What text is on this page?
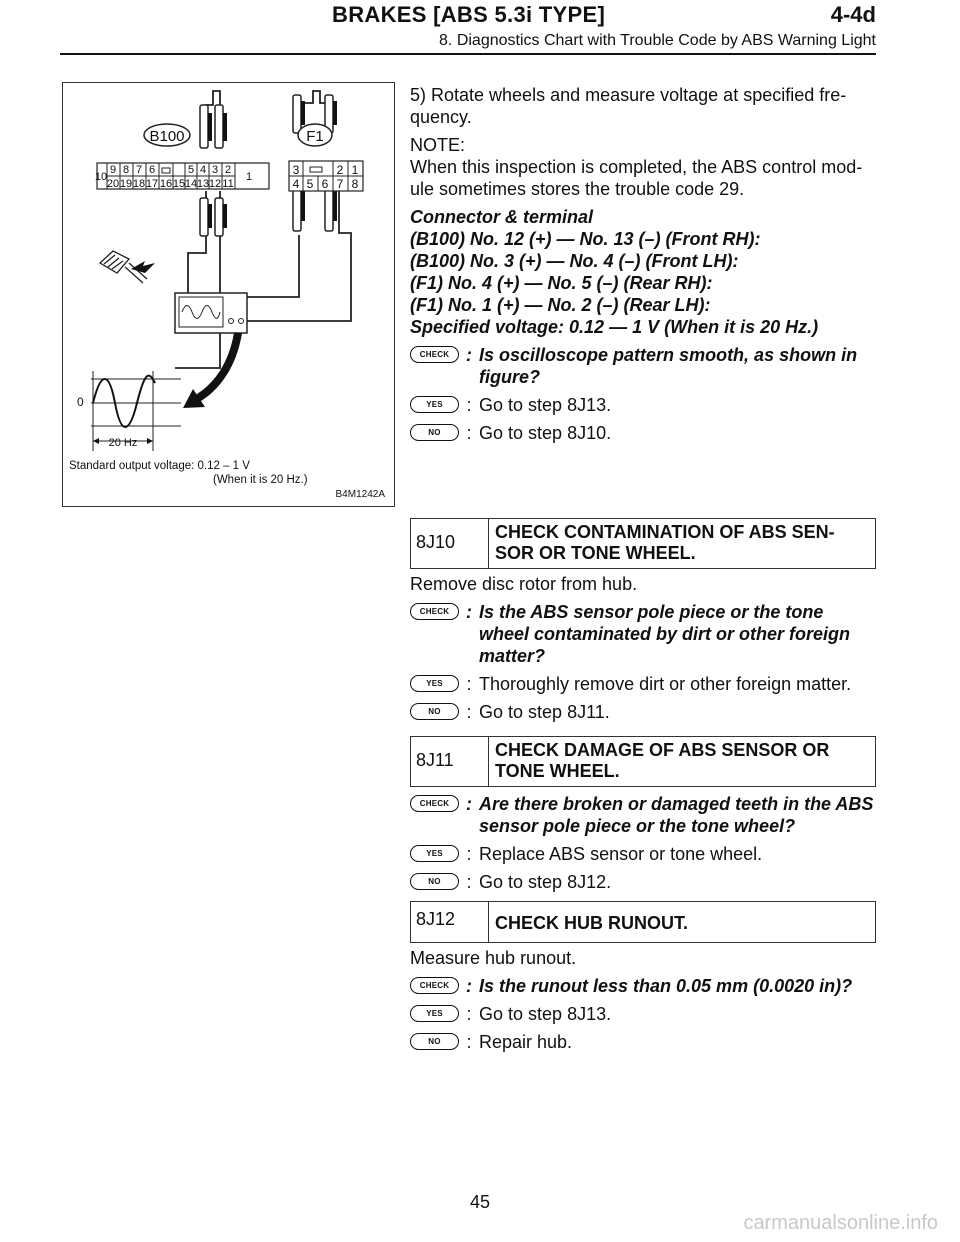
BRAKES [ABS 5.3i TYPE]	4-4d
8. Diagnostics Chart with Trouble Code by ABS Warning Light
B100
10
9 8 7 6	5 4 3 2
20 19 18 17 16 15 14 13 12 11
1
F1
3	2 1
4 5 6 7 8
0
20 Hz
Standard output voltage: 0.12 – 1 V
(When it is 20 Hz.)
B4M1242A
5) Rotate wheels and measure voltage at specified fre- quency.
NOTE:
When this inspection is completed, the ABS control mod- ule sometimes stores the trouble code 29.
Connector & terminal
(B100) No. 12 (+) — No. 13 (–) (Front RH):
(B100) No. 3 (+) — No. 4 (–) (Front LH):
(F1) No. 4 (+) — No. 5 (–) (Rear RH):
(F1) No. 1 (+) — No. 2 (–) (Rear LH):
Specified voltage: 0.12 — 1 V (When it is 20 Hz.)
CHECK : Is oscilloscope pattern smooth, as shown in figure?
YES	: Go to step 8J13.
NO	: Go to step 8J10.
8J10	CHECK CONTAMINATION OF ABS SEN- SOR OR TONE WHEEL.
Remove disc rotor from hub.
CHECK : Is the ABS sensor pole piece or the tone wheel contaminated by dirt or other foreign matter?
YES	: Thoroughly remove dirt or other foreign matter.
NO	: Go to step 8J11.
8J11	CHECK DAMAGE OF ABS SENSOR OR TONE WHEEL.
CHECK : Are there broken or damaged teeth in the ABS sensor pole piece or the tone wheel?
YES	: Replace ABS sensor or tone wheel.
NO	: Go to step 8J12.
8J12	CHECK HUB RUNOUT.
Measure hub runout.
CHECK : Is the runout less than 0.05 mm (0.0020 in)?
YES	: Go to step 8J13.
NO	: Repair hub.
45
carmanualsonline.info
